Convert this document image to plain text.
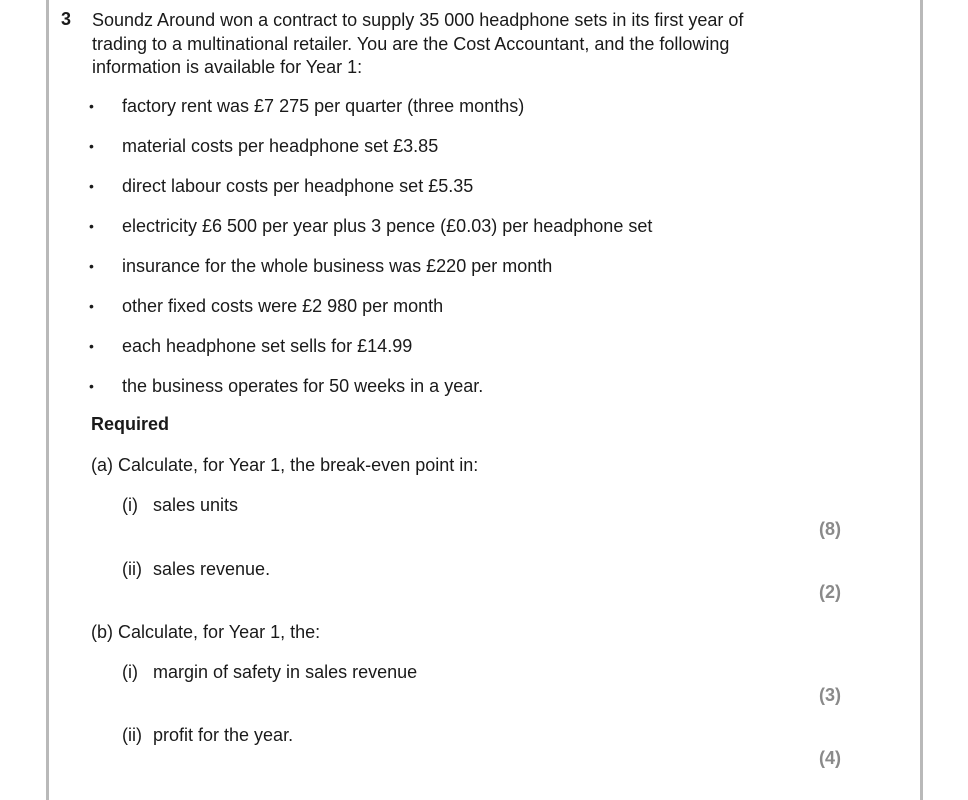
3 Soundz Around won a contract to supply 35 000 headphone sets in its first year of
trading to a multinational retailer. You are the Cost Accountant, and the following
information is available for Year 1:
• factory rent was £7 275 per quarter (three months)
• material costs per headphone set £3.85
• direct labour costs per headphone set £5.35
• electricity £6 500 per year plus 3 pence (£0.03) per headphone set
• insurance for the whole business was £220 per month
• other fixed costs were £2 980 per month
• each headphone set sells for £14.99
• the business operates for 50 weeks in a year.
Required
(a) Calculate, for Year 1, the break-even point in:
(i) sales units
(8)
(ii) sales revenue.
(2)
(b) Calculate, for Year 1, the:
(i) margin of safety in sales revenue
(3)
(ii) profit for the year.
(4)
